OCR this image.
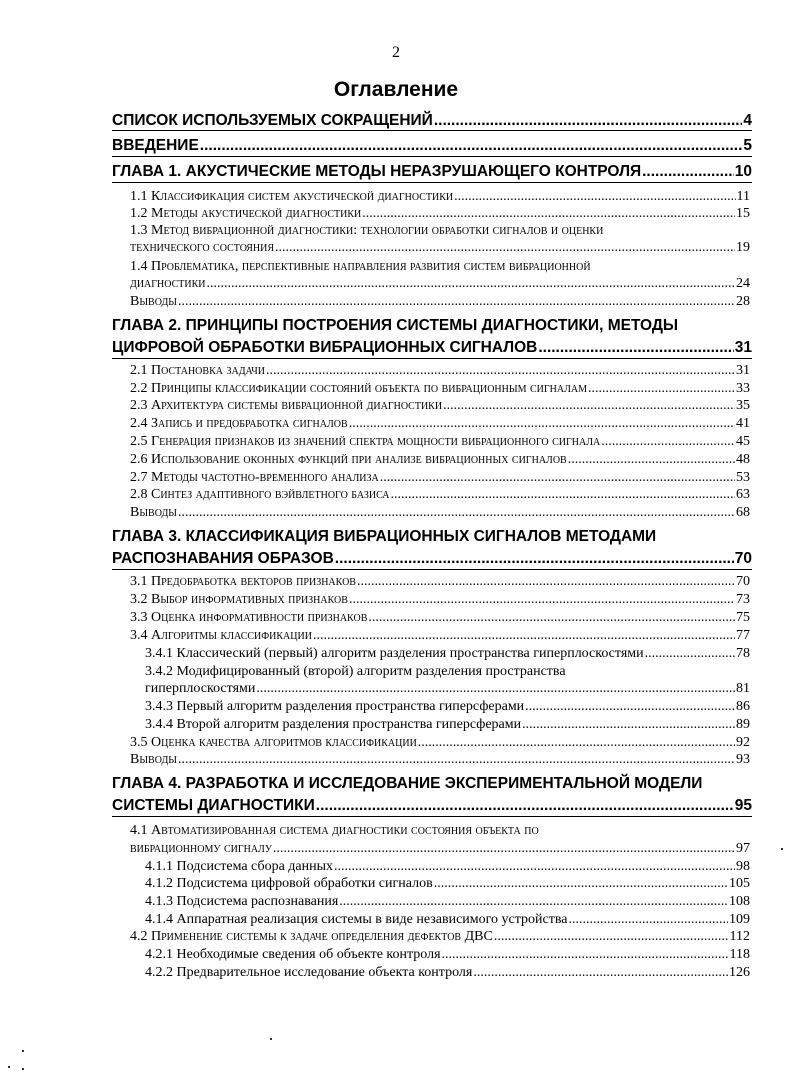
2
Оглавление
СПИСОК ИСПОЛЬЗУЕМЫХ СОКРАЩЕНИЙ .....	4
ВВЕДЕНИЕ .....	5
ГЛАВА 1. АКУСТИЧЕСКИЕ МЕТОДЫ НЕРАЗРУШАЮЩЕГО КОНТРОЛЯ .....	10
1.1 Классификация систем акустической диагностики .....	11
1.2 Методы акустической диагностики .....	15
1.3 Метод вибрационной диагностики: технологии обработки сигналов и оценки
технического состояния .....	19
1.4 Проблематика, перспективные направления развития систем вибрационной
диагностики .....	24
Выводы .....	28
ГЛАВА 2. ПРИНЦИПЫ ПОСТРОЕНИЯ СИСТЕМЫ ДИАГНОСТИКИ, МЕТОДЫ
ЦИФРОВОЙ ОБРАБОТКИ ВИБРАЦИОННЫХ СИГНАЛОВ .....	31
2.1 Постановка задачи .....	31
2.2 Принципы классификации состояний объекта по вибрационным сигналам .....	33
2.3 Архитектура системы вибрационной диагностики .....	35
2.4 Запись и предобработка сигналов .....	41
2.5 Генерация признаков из значений спектра мощности вибрационного сигнала .....	45
2.6 Использование оконных функций при анализе вибрационных сигналов .....	48
2.7 Методы частотно-временного анализа .....	53
2.8 Синтез адаптивного вэйвлетного базиса .....	63
Выводы .....	68
ГЛАВА 3. КЛАССИФИКАЦИЯ ВИБРАЦИОННЫХ СИГНАЛОВ МЕТОДАМИ
РАСПОЗНАВАНИЯ ОБРАЗОВ .....	70
3.1 Предобработка векторов признаков .....	70
3.2 Выбор информативных признаков .....	73
3.3 Оценка информативности признаков .....	75
3.4 Алгоритмы классификации .....	77
3.4.1 Классический (первый) алгоритм разделения пространства гиперплоскостями .....	78
3.4.2 Модифицированный (второй) алгоритм разделения пространства
гиперплоскостями .....	81
3.4.3 Первый алгоритм разделения пространства гиперсферами .....	86
3.4.4 Второй алгоритм разделения пространства гиперсферами .....	89
3.5 Оценка качества алгоритмов классификации .....	92
Выводы .....	93
ГЛАВА 4. РАЗРАБОТКА И ИССЛЕДОВАНИЕ ЭКСПЕРИМЕНТАЛЬНОЙ МОДЕЛИ
СИСТЕМЫ ДИАГНОСТИКИ .....	95
4.1 Автоматизированная система диагностики состояния объекта по
вибрационному сигналу .....	97
4.1.1 Подсистема сбора данных .....	98
4.1.2 Подсистема цифровой обработки сигналов .....	105
4.1.3 Подсистема распознавания .....	108
4.1.4 Аппаратная реализация системы в виде независимого устройства .....	109
4.2 Применение системы к задаче определения дефектов ДВС .....	112
4.2.1 Необходимые сведения об объекте контроля .....	118
4.2.2 Предварительное исследование объекта контроля .....	126
